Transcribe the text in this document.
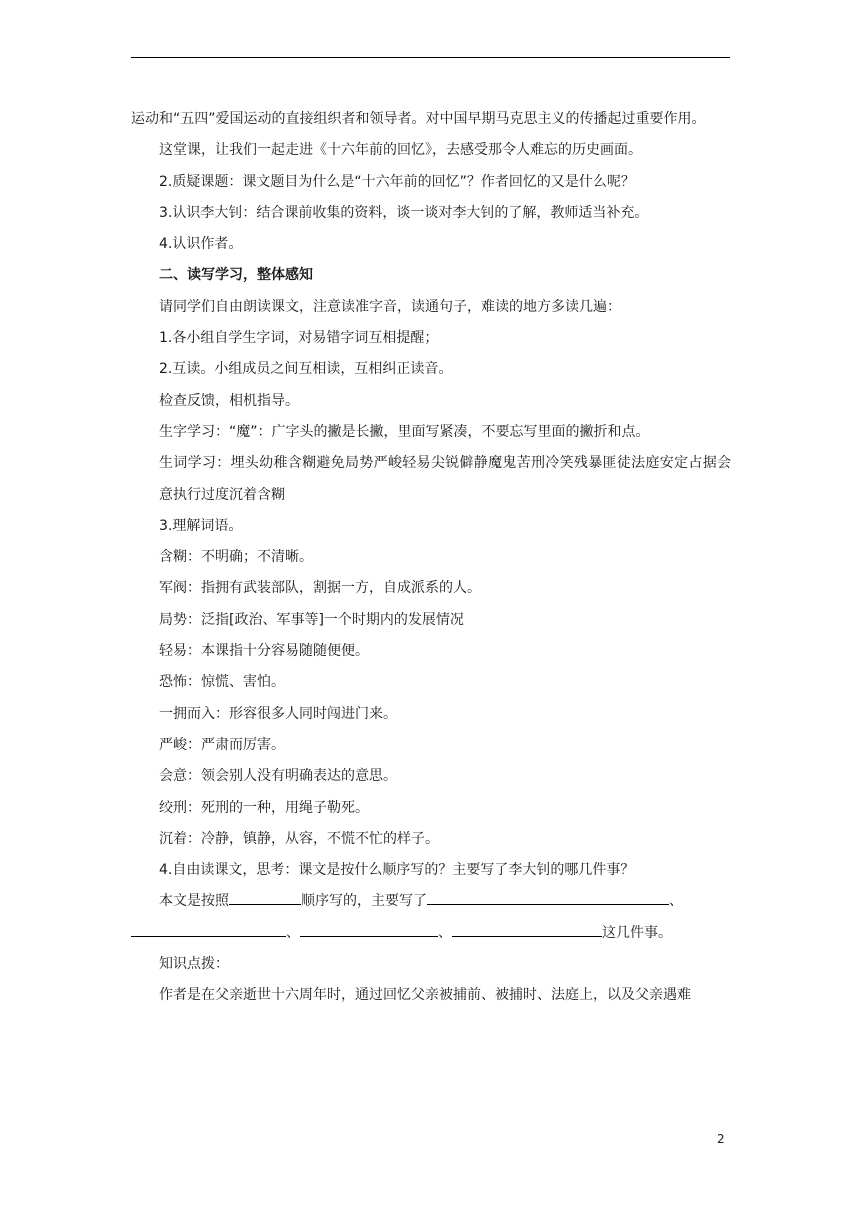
运动和“五四”爱国运动的直接组织者和领导者。对中国早期马克思主义的传播起过重要作用。

这堂课，让我们一起走进《十六年前的回忆》，去感受那令人难忘的历史画面。

2.质疑课题：课文题目为什么是“十六年前的回忆”？作者回忆的又是什么呢？

3.认识李大钊：结合课前收集的资料，谈一谈对李大钊的了解，教师适当补充。

4.认识作者。

二、读写学习，整体感知

请同学们自由朗读课文，注意读准字音，读通句子，难读的地方多读几遍：

1.各小组自学生字词，对易错字词互相提醒；

2.互读。小组成员之间互相读，互相纠正读音。

检查反馈，相机指导。

生字学习：“魔”：广字头的撇是长撇，里面写紧凑，不要忘写里面的撇折和点。

生词学习：埋头幼稚含糊避免局势严峻轻易尖锐僻静魔鬼苦刑冷笑残暴匪徒法庭安定占据会意执行过度沉着含糊

3.理解词语。

含糊：不明确；不清晰。

军阀：指拥有武装部队，割据一方，自成派系的人。

局势：泛指[政治、军事等]一个时期内的发展情况

轻易：本课指十分容易随随便便。

恐怖：惊慌、害怕。

一拥而入：形容很多人同时闯进门来。

严峻：严肃而厉害。

会意：领会别人没有明确表达的意思。

绞刑：死刑的一种，用绳子勒死。

沉着：冷静，镇静，从容，不慌不忙的样子。

4.自由读课文，思考：课文是按什么顺序写的？主要写了李大钊的哪几件事？

本文是按照	顺序写的，主要写了	、

、	、	这几件事。

知识点拨：

作者是在父亲逝世十六周年时，通过回忆父亲被捕前、被捕时、法庭上，以及父亲遇难

2
